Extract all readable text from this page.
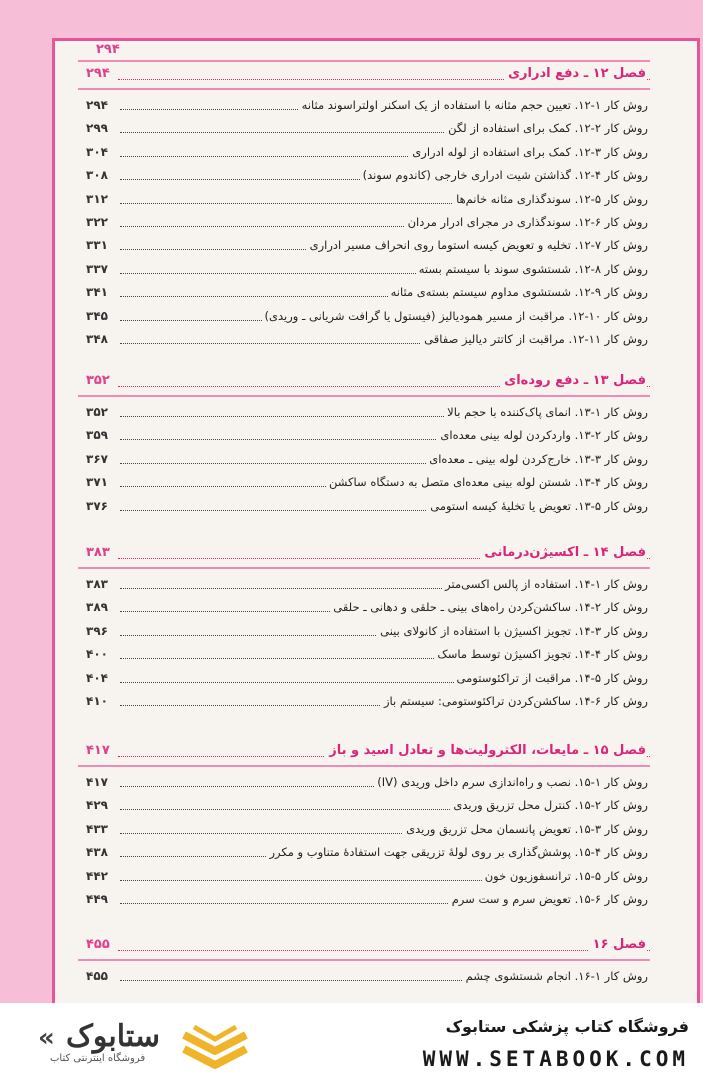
۲۹۴
فصل ۱۲ ـ دفع ادراری
۲۹۴
روش کار ۱-۱۲. تعیین حجم مثانه با استفاده از یک اسکنر اولتراسوند مثانه
۲۹۴
روش کار ۲-۱۲. کمک برای استفاده از لگن
۲۹۹
روش کار ۳-۱۲. کمک برای استفاده از لوله ادراری
۳۰۴
روش کار ۴-۱۲. گذاشتن شیت ادراری خارجی (کاندوم سوند)
۳۰۸
روش کار ۵-۱۲. سوندگذاری مثانه خانم‌ها
۳۱۲
روش کار ۶-۱۲. سوندگذاری در مجرای ادرار مردان
۳۲۲
روش کار ۷-۱۲. تخلیه و تعویض کیسه استوما روی انحراف مسیر ادراری
۳۳۱
روش کار ۸-۱۲. شستشوی سوند با سیستم بسته
۳۳۷
روش کار ۹-۱۲. شستشوی مداوم سیستم بسته‌ی مثانه
۳۴۱
روش کار ۱۰-۱۲. مراقبت از مسیر همودیالیز (فیستول یا گرافت شریانی ـ وریدی)
۳۴۵
روش کار ۱۱-۱۲. مراقبت از کاتتر دیالیز صفاقی
۳۴۸
فصل ۱۳ ـ دفع روده‌ای
۳۵۲
روش کار ۱-۱۳. انمای پاک‌کننده با حجم بالا
۳۵۲
روش کار ۲-۱۳. واردکردن لوله بینی معده‌ای
۳۵۹
روش کار ۳-۱۳. خارج‌کردن لوله بینی ـ معده‌ای
۳۶۷
روش کار ۴-۱۳. شستن لوله بینی معده‌ای متصل به دستگاه ساکشن
۳۷۱
روش کار ۵-۱۳. تعویض یا تخلیهٔ کیسه استومی
۳۷۶
فصل ۱۴ ـ اکسیژن‌درمانی
۳۸۳
روش کار ۱-۱۴. استفاده از پالس اکسی‌متر
۳۸۳
روش کار ۲-۱۴. ساکشن‌کردن راه‌های بینی ـ حلقی و دهانی ـ حلقی
۳۸۹
روش کار ۳-۱۴. تجویز اکسیژن با استفاده از کانولای بینی
۳۹۶
روش کار ۴-۱۴. تجویز اکسیژن توسط ماسک
۴۰۰
روش کار ۵-۱۴. مراقبت از تراکئوستومی
۴۰۴
روش کار ۶-۱۴. ساکشن‌کردن تراکئوستومی: سیستم باز
۴۱۰
فصل ۱۵ ـ مایعات، الکترولیت‌ها و تعادل اسید و باز
۴۱۷
روش کار ۱-۱۵. نصب و راه‌اندازی سرم داخل وریدی (IV)
۴۱۷
روش کار ۲-۱۵. کنترل محل تزریق وریدی
۴۲۹
روش کار ۳-۱۵. تعویض پانسمان محل تزریق وریدی
۴۳۳
روش کار ۴-۱۵. پوشش‌گذاری بر روی لولهٔ تزریقی جهت استفادهٔ متناوب و مکرر
۴۳۸
روش کار ۵-۱۵. ترانسفوزیون خون
۴۴۲
روش کار ۶-۱۵. تعویض سرم و ست سرم
۴۴۹
فصل ۱۶
۴۵۵
روش کار ۱-۱۶. انجام شستشوی چشم
۴۵۵
« ستابوک
فروشگاه اینترنتی کتاب
فروشگاه کتاب پزشکی ستابوک
WWW.SETABOOK.COM
